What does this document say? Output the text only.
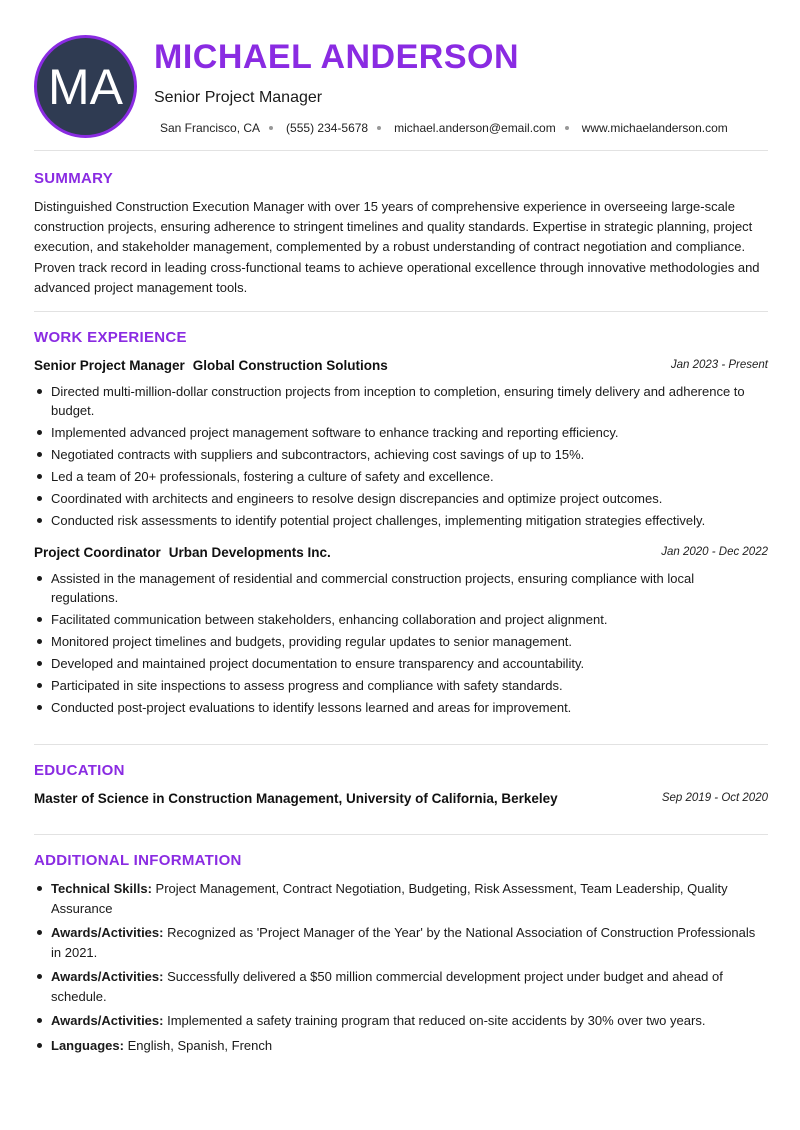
MA
MICHAEL ANDERSON
Senior Project Manager
San Francisco, CA (555) 234-5678 michael.anderson@email.com www.michaelanderson.com
SUMMARY
Distinguished Construction Execution Manager with over 15 years of comprehensive experience in overseeing large-scale construction projects, ensuring adherence to stringent timelines and quality standards. Expertise in strategic planning, project execution, and stakeholder management, complemented by a robust understanding of contract negotiation and compliance. Proven track record in leading cross-functional teams to achieve operational excellence through innovative methodologies and advanced project management tools.
WORK EXPERIENCE
Senior Project Manager Global Construction Solutions	Jan 2023 - Present
Directed multi-million-dollar construction projects from inception to completion, ensuring timely delivery and adherence to budget.
Implemented advanced project management software to enhance tracking and reporting efficiency.
Negotiated contracts with suppliers and subcontractors, achieving cost savings of up to 15%.
Led a team of 20+ professionals, fostering a culture of safety and excellence.
Coordinated with architects and engineers to resolve design discrepancies and optimize project outcomes.
Conducted risk assessments to identify potential project challenges, implementing mitigation strategies effectively.
Project Coordinator Urban Developments Inc.	Jan 2020 - Dec 2022
Assisted in the management of residential and commercial construction projects, ensuring compliance with local regulations.
Facilitated communication between stakeholders, enhancing collaboration and project alignment.
Monitored project timelines and budgets, providing regular updates to senior management.
Developed and maintained project documentation to ensure transparency and accountability.
Participated in site inspections to assess progress and compliance with safety standards.
Conducted post-project evaluations to identify lessons learned and areas for improvement.
EDUCATION
Master of Science in Construction Management, University of California, Berkeley	Sep 2019 - Oct 2020
ADDITIONAL INFORMATION
Technical Skills: Project Management, Contract Negotiation, Budgeting, Risk Assessment, Team Leadership, Quality Assurance
Awards/Activities: Recognized as 'Project Manager of the Year' by the National Association of Construction Professionals in 2021.
Awards/Activities: Successfully delivered a $50 million commercial development project under budget and ahead of schedule.
Awards/Activities: Implemented a safety training program that reduced on-site accidents by 30% over two years.
Languages: English, Spanish, French
